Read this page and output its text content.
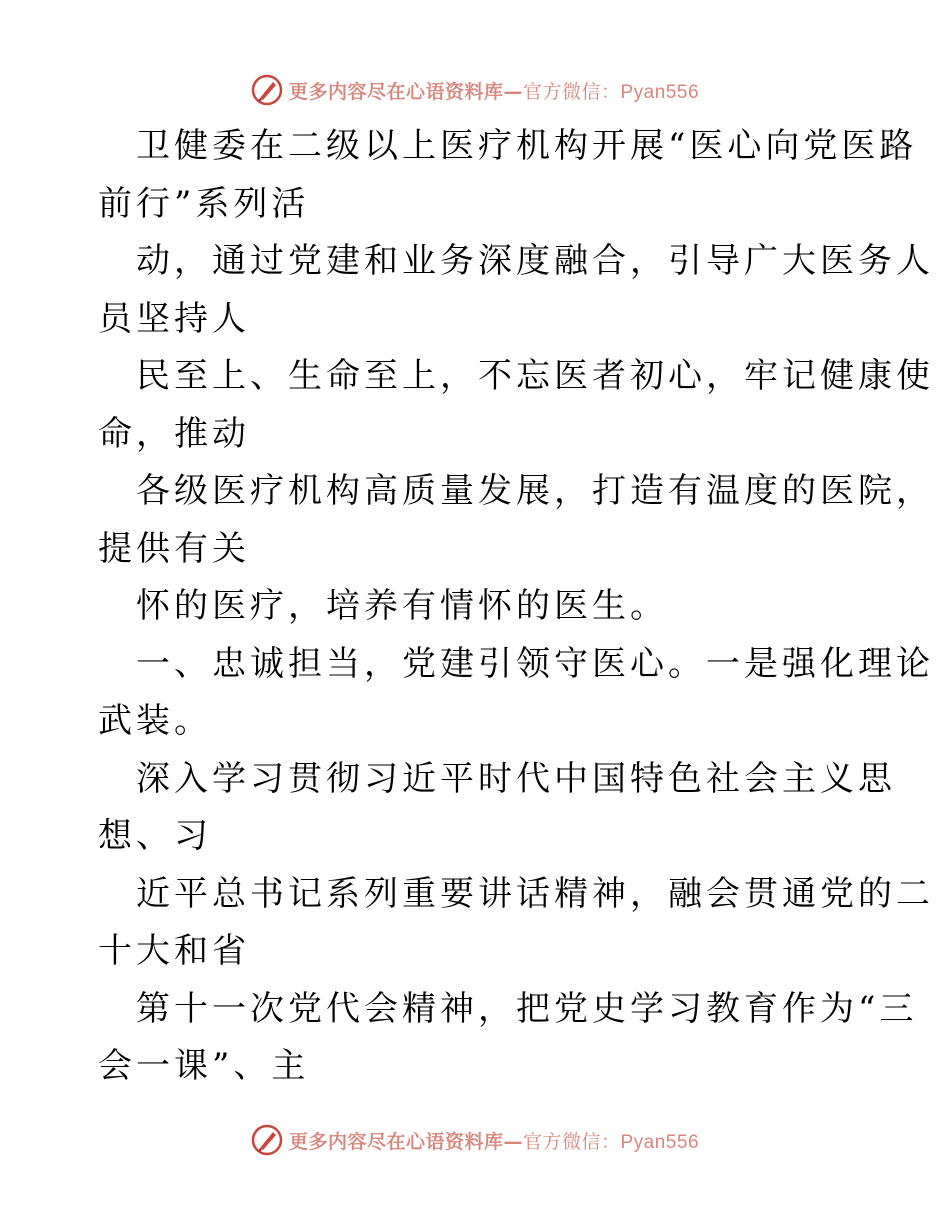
更多内容尽在心语资料库—官方微信：Pyan556

卫健委在二级以上医疗机构开展“医心向党医路
前行”系列活

动，通过党建和业务深度融合，引导广大医务人
员坚持人

民至上、生命至上，不忘医者初心，牢记健康使
命，推动

各级医疗机构高质量发展，打造有温度的医院，
提供有关

怀的医疗，培养有情怀的医生。

一、忠诚担当，党建引领守医心。一是强化理论
武装。

深入学习贯彻习近平时代中国特色社会主义思
想、习

近平总书记系列重要讲话精神，融会贯通党的二
十大和省

第十一次党代会精神，把党史学习教育作为“三
会一课”、主

更多内容尽在心语资料库—官方微信：Pyan556
